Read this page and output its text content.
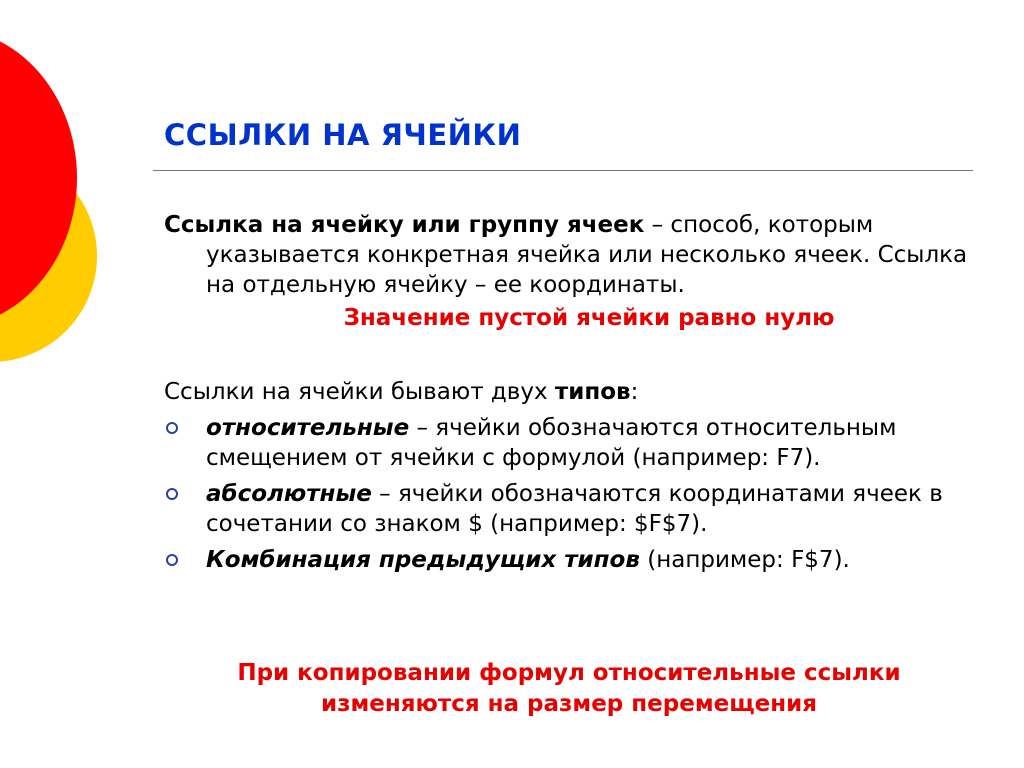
ССЫЛКИ НА ЯЧЕЙКИ

Ссылка на ячейку или группу ячеек – способ, которым указывается конкретная ячейка или несколько ячеек. Ссылка на отдельную ячейку – ее координаты.

Значение пустой ячейки равно нулю

Ссылки на ячейки бывают двух типов:

относительные – ячейки обозначаются относительным смещением от ячейки с формулой (например: F7).
абсолютные – ячейки обозначаются координатами ячеек в сочетании со знаком $ (например: $F$7).
Комбинация предыдущих типов (например: F$7).
При копировании формул относительные ссылки
изменяются на размер перемещения
